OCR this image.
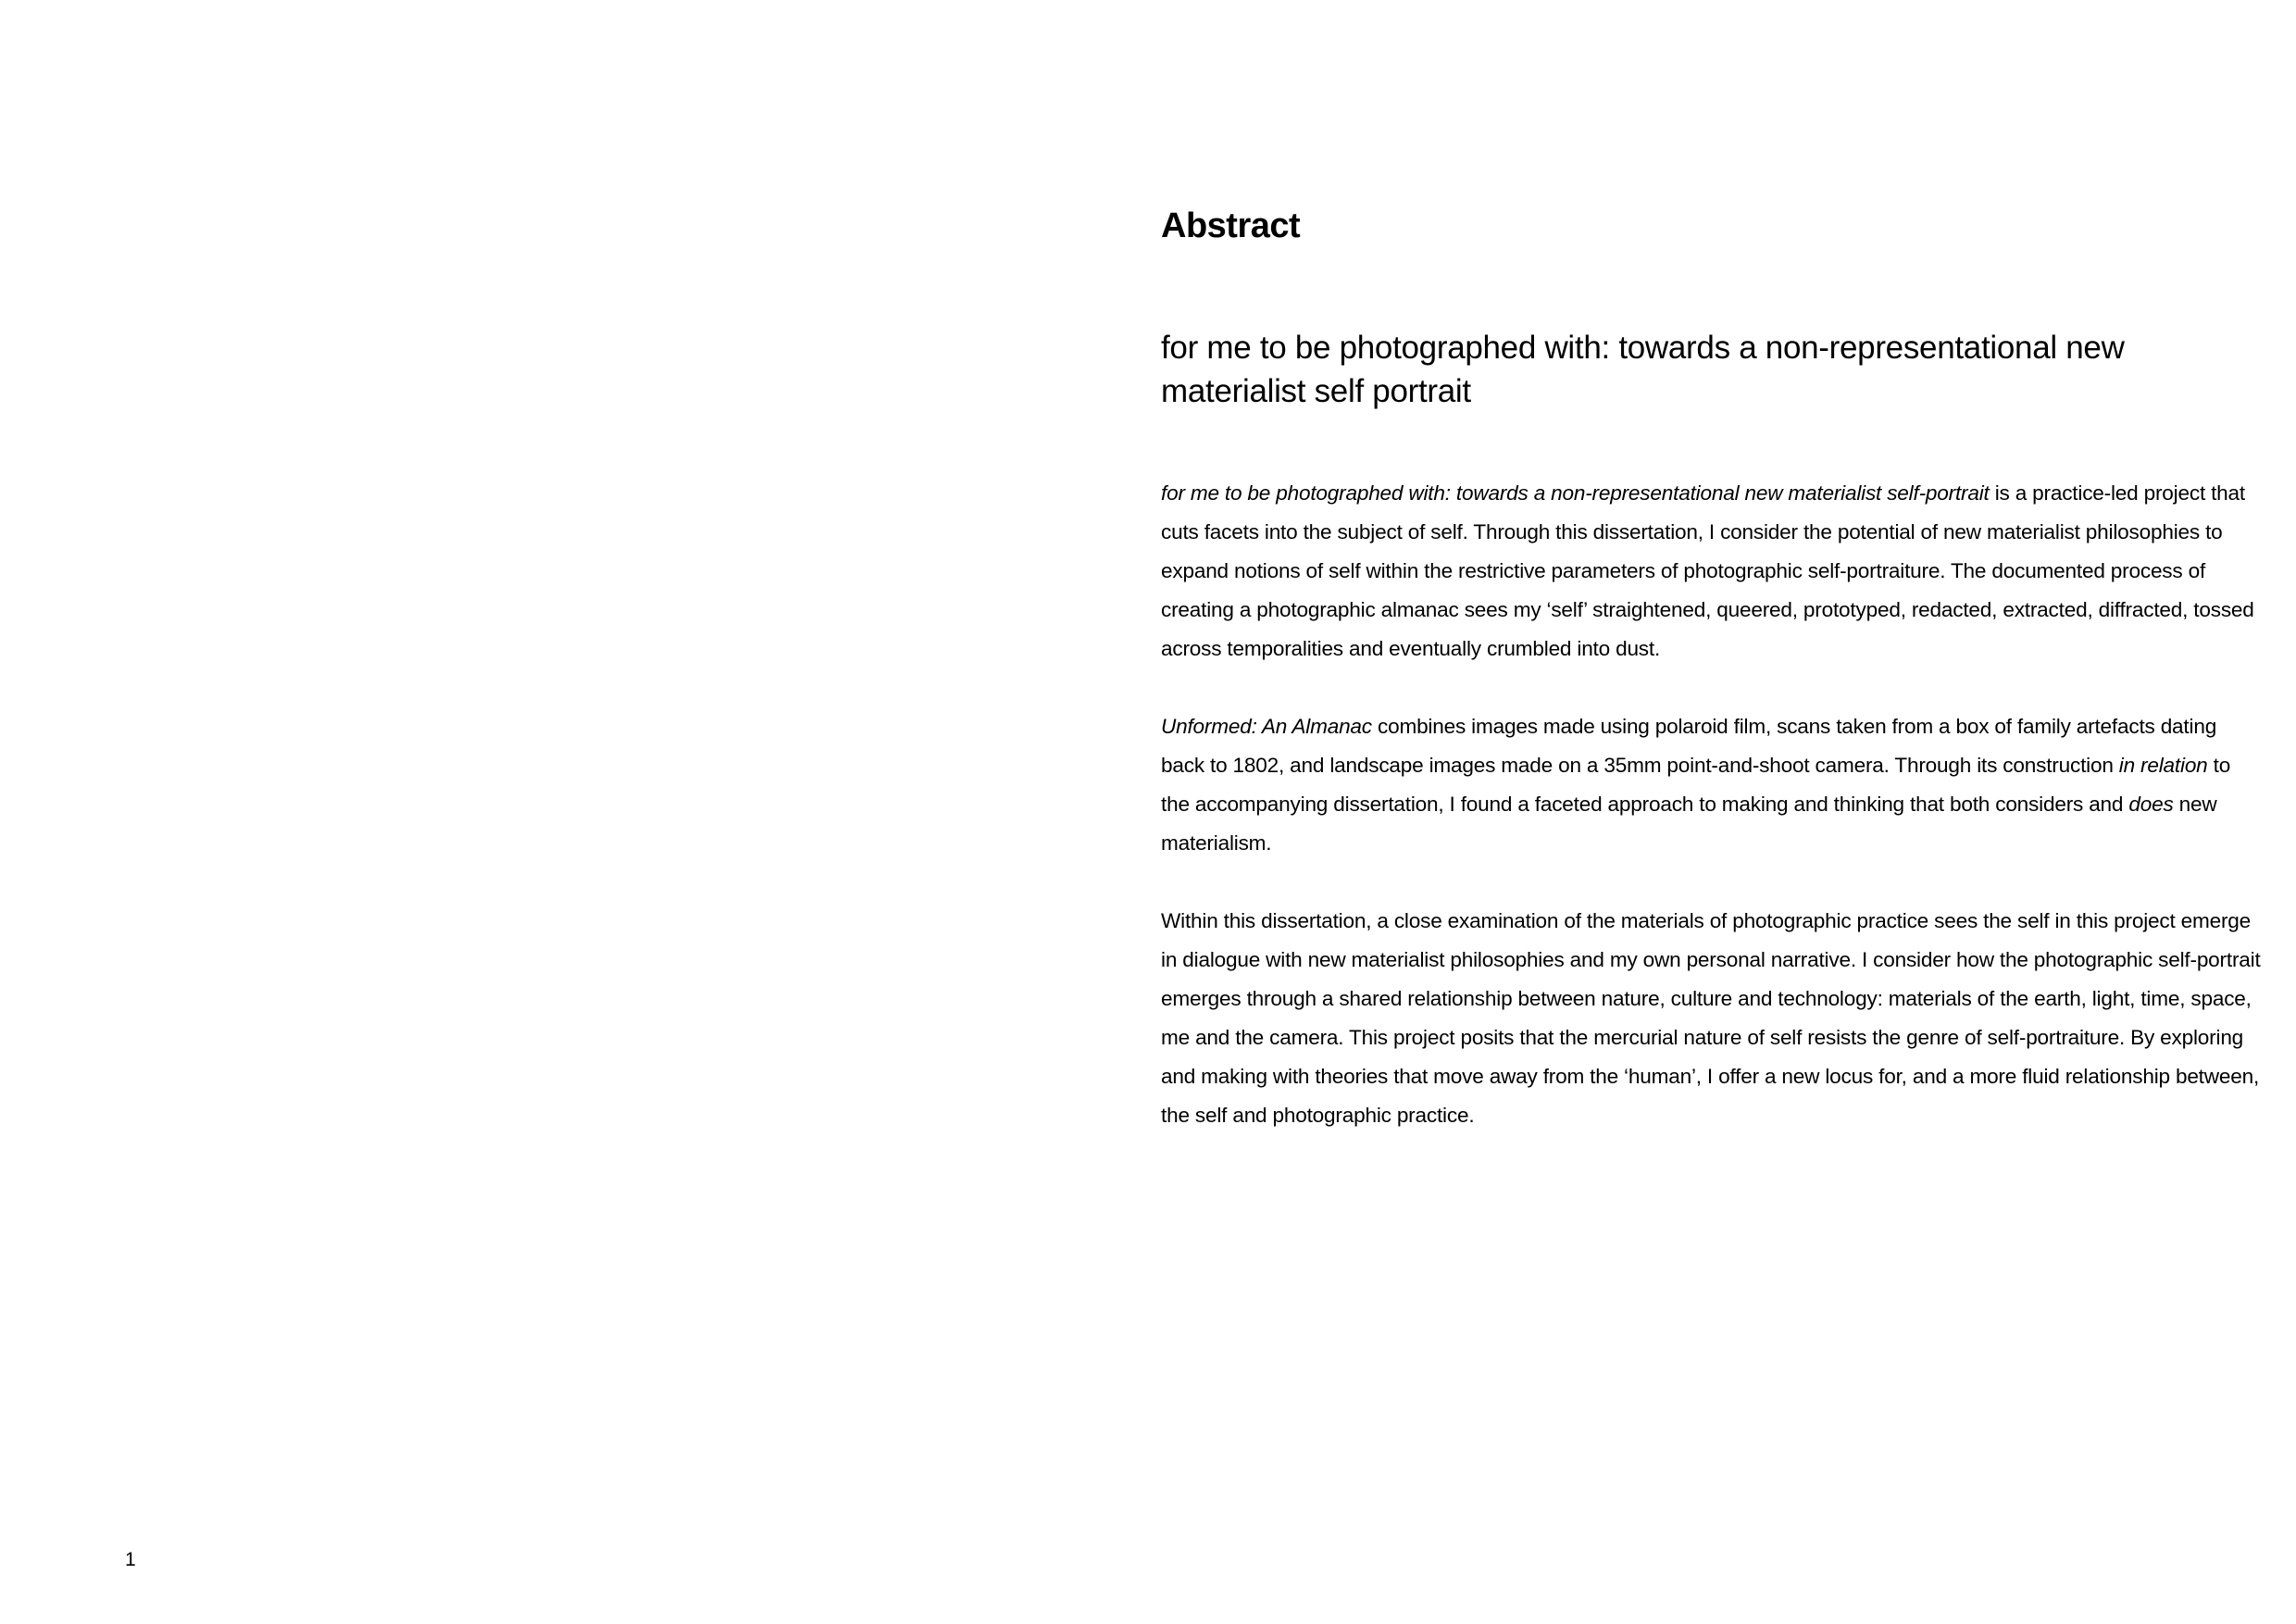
Abstract
for me to be photographed with: towards a non-representational new materialist self portrait

for me to be photographed with: towards a non-representational new materialist self-portrait is a practice-led project that cuts facets into the subject of self. Through this dissertation, I consider the potential of new materialist philosophies to expand notions of self within the restrictive parameters of photographic self-portraiture. The documented process of creating a photographic almanac sees my ‘self’ straightened, queered, prototyped, redacted, extracted, diffracted, tossed across temporalities and eventually crumbled into dust.

Unformed: An Almanac combines images made using polaroid film, scans taken from a box of family artefacts dating back to 1802, and landscape images made on a 35mm point-and-shoot camera. Through its construction in relation to the accompanying dissertation, I found a faceted approach to making and thinking that both considers and does new materialism.

Within this dissertation, a close examination of the materials of photographic practice sees the self in this project emerge in dialogue with new materialist philosophies and my own personal narrative. I consider how the photographic self-portrait emerges through a shared relationship between nature, culture and technology: materials of the earth, light, time, space, me and the camera. This project posits that the mercurial nature of self resists the genre of self-portraiture. By exploring and making with theories that move away from the ‘human’, I offer a new locus for, and a more fluid relationship between, the self and photographic practice.

1
